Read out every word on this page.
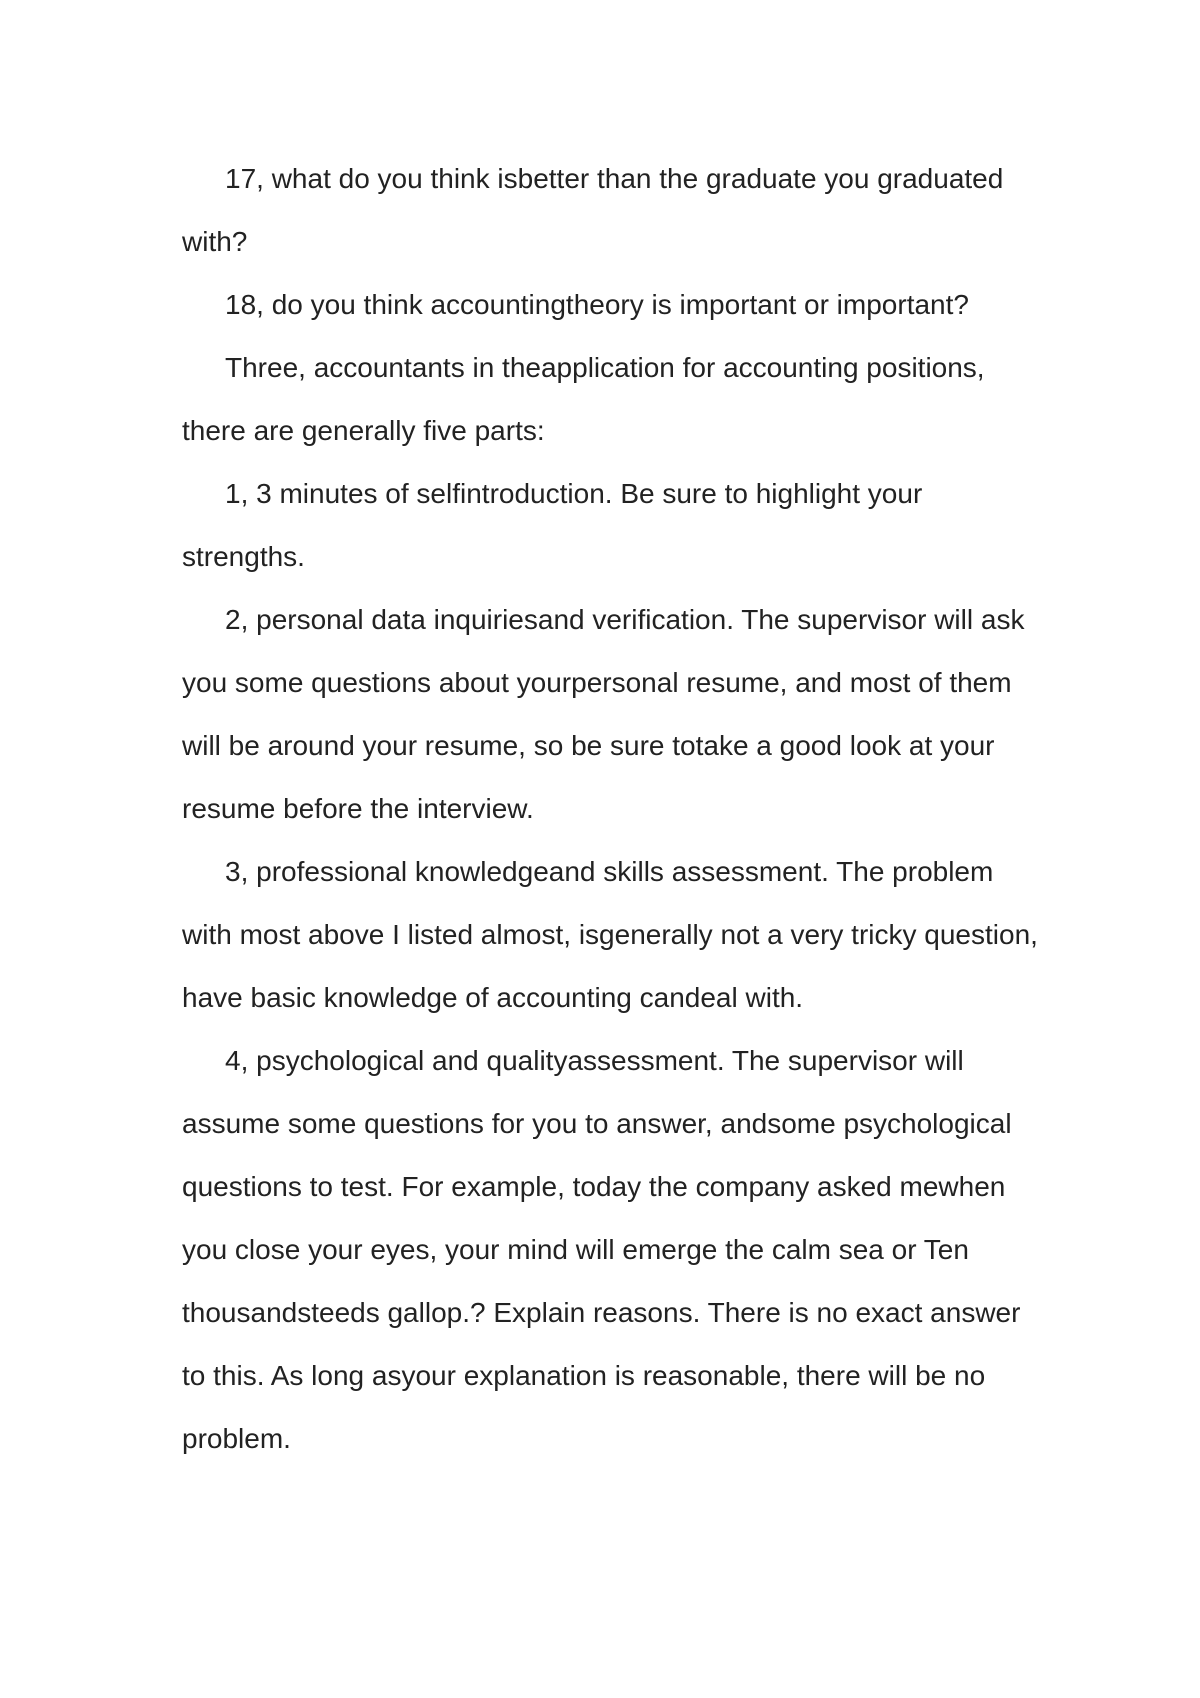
17, what do you think isbetter than the graduate you graduated with?

18, do you think accountingtheory is important or important?

Three, accountants in theapplication for accounting positions, there are generally five parts:

1, 3 minutes of selfintroduction. Be sure to highlight your strengths.

2, personal data inquiriesand verification. The supervisor will ask you some questions about yourpersonal resume, and most of them will be around your resume, so be sure totake a good look at your resume before the interview.

3, professional knowledgeand skills assessment. The problem with most above I listed almost, isgenerally not a very tricky question, have basic knowledge of accounting candeal with.

4, psychological and qualityassessment. The supervisor will assume some questions for you to answer, andsome psychological questions to test. For example, today the company asked mewhen you close your eyes, your mind will emerge the calm sea or Ten thousandsteeds gallop.? Explain reasons. There is no exact answer to this. As long asyour explanation is reasonable, there will be no problem.
